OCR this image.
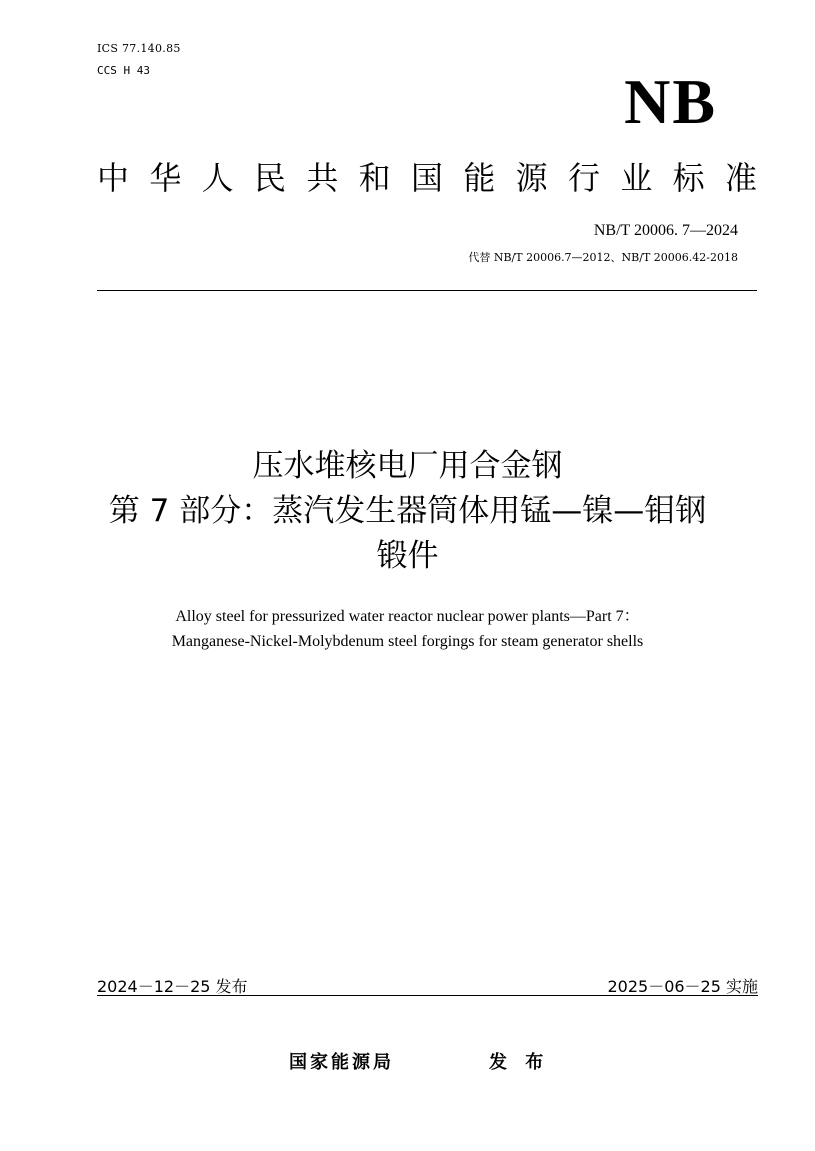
ICS 77.140.85
CCS H 43	NB
中华人民共和国能源行业标准
NB/T 20006. 7—2024
代替 NB/T 20006.7—2012、NB/T 20006.42-2018
压水堆核电厂用合金钢
第 7 部分：蒸汽发生器筒体用锰—镍—钼钢
锻件
Alloy steel for pressurized water reactor nuclear power plants—Part 7：
Manganese-Nickel-Molybdenum steel forgings for steam generator shells
2024－12－25 发布	2025－06－25 实施
国家能源局	发 布
